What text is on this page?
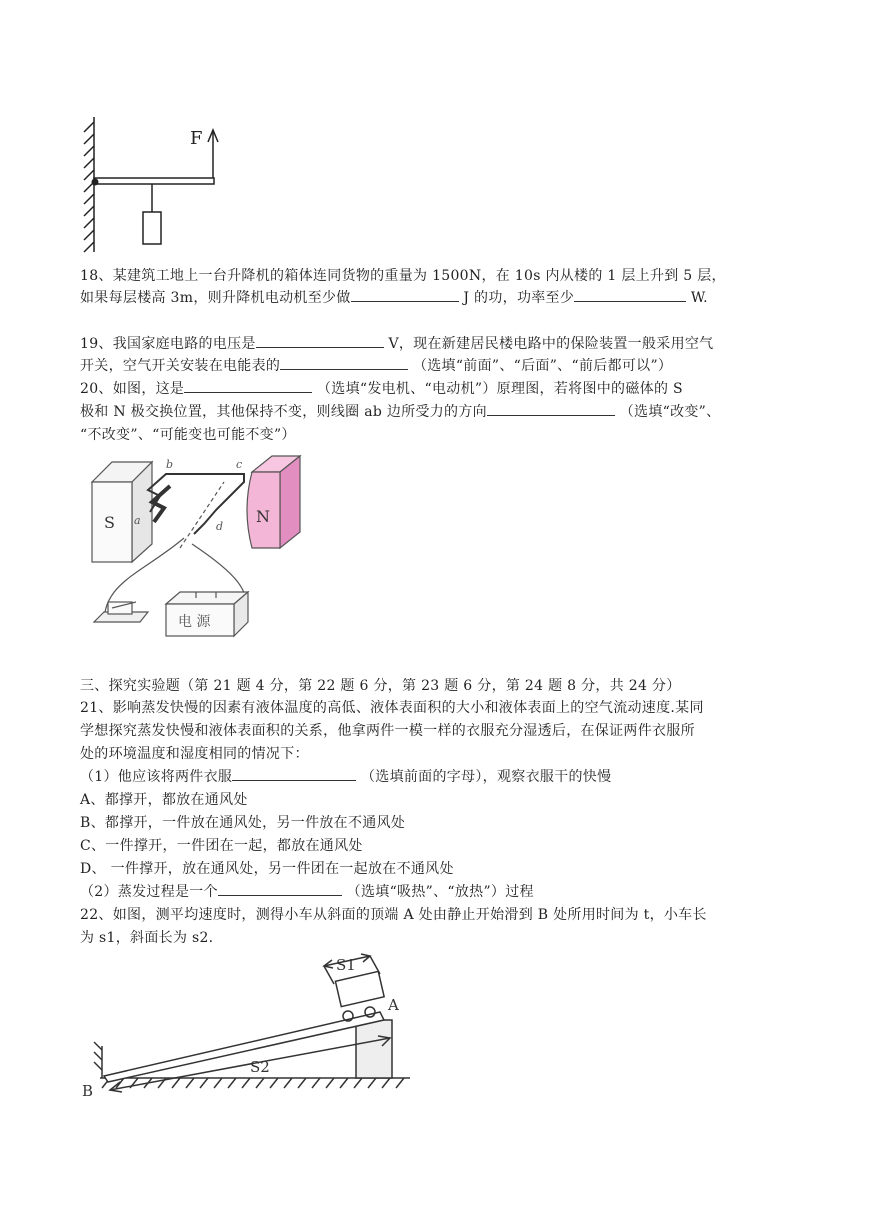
F
18、某建筑工地上一台升降机的箱体连同货物的重量为 1500N，在 10s 内从楼的 1 层上升到 5 层，
如果每层楼高 3m，则升降机电动机至少做	J 的功，功率至少	W.
19、我国家庭电路的电压是	V，现在新建居民楼电路中的保险装置一般采用空气
开关，空气开关安装在电能表的	（选填“前面”、“后面”、“前后都可以”）
20、如图，这是	（选填“发电机、“电动机”）原理图，若将图中的磁体的 S
极和 N 极交换位置，其他保持不变，则线圈 ab 边所受力的方向	（选填“改变”、
“不改变”、“可能变也可能不变”）
S	N
a
b	c
d
电 源
三、探究实验题（第 21 题 4 分，第 22 题 6 分，第 23 题 6 分，第 24 题 8 分，共 24 分）
21、影响蒸发快慢的因素有液体温度的高低、液体表面积的大小和液体表面上的空气流动速度.某同
学想探究蒸发快慢和液体表面积的关系，他拿两件一模一样的衣服充分湿透后，在保证两件衣服所
处的环境温度和湿度相同的情况下：
（1）他应该将两件衣服	（选填前面的字母），观察衣服干的快慢
A、都撑开，都放在通风处
B、都撑开，一件放在通风处，另一件放在不通风处
C、一件撑开，一件团在一起，都放在通风处
D、 一件撑开，放在通风处，另一件团在一起放在不通风处
（2）蒸发过程是一个	（选填“吸热”、“放热”）过程
22、如图，测平均速度时，测得小车从斜面的顶端 A 处由静止开始滑到 B 处所用时间为 t，小车长
为 s1，斜面长为 s2.
S1
S2
A
B
